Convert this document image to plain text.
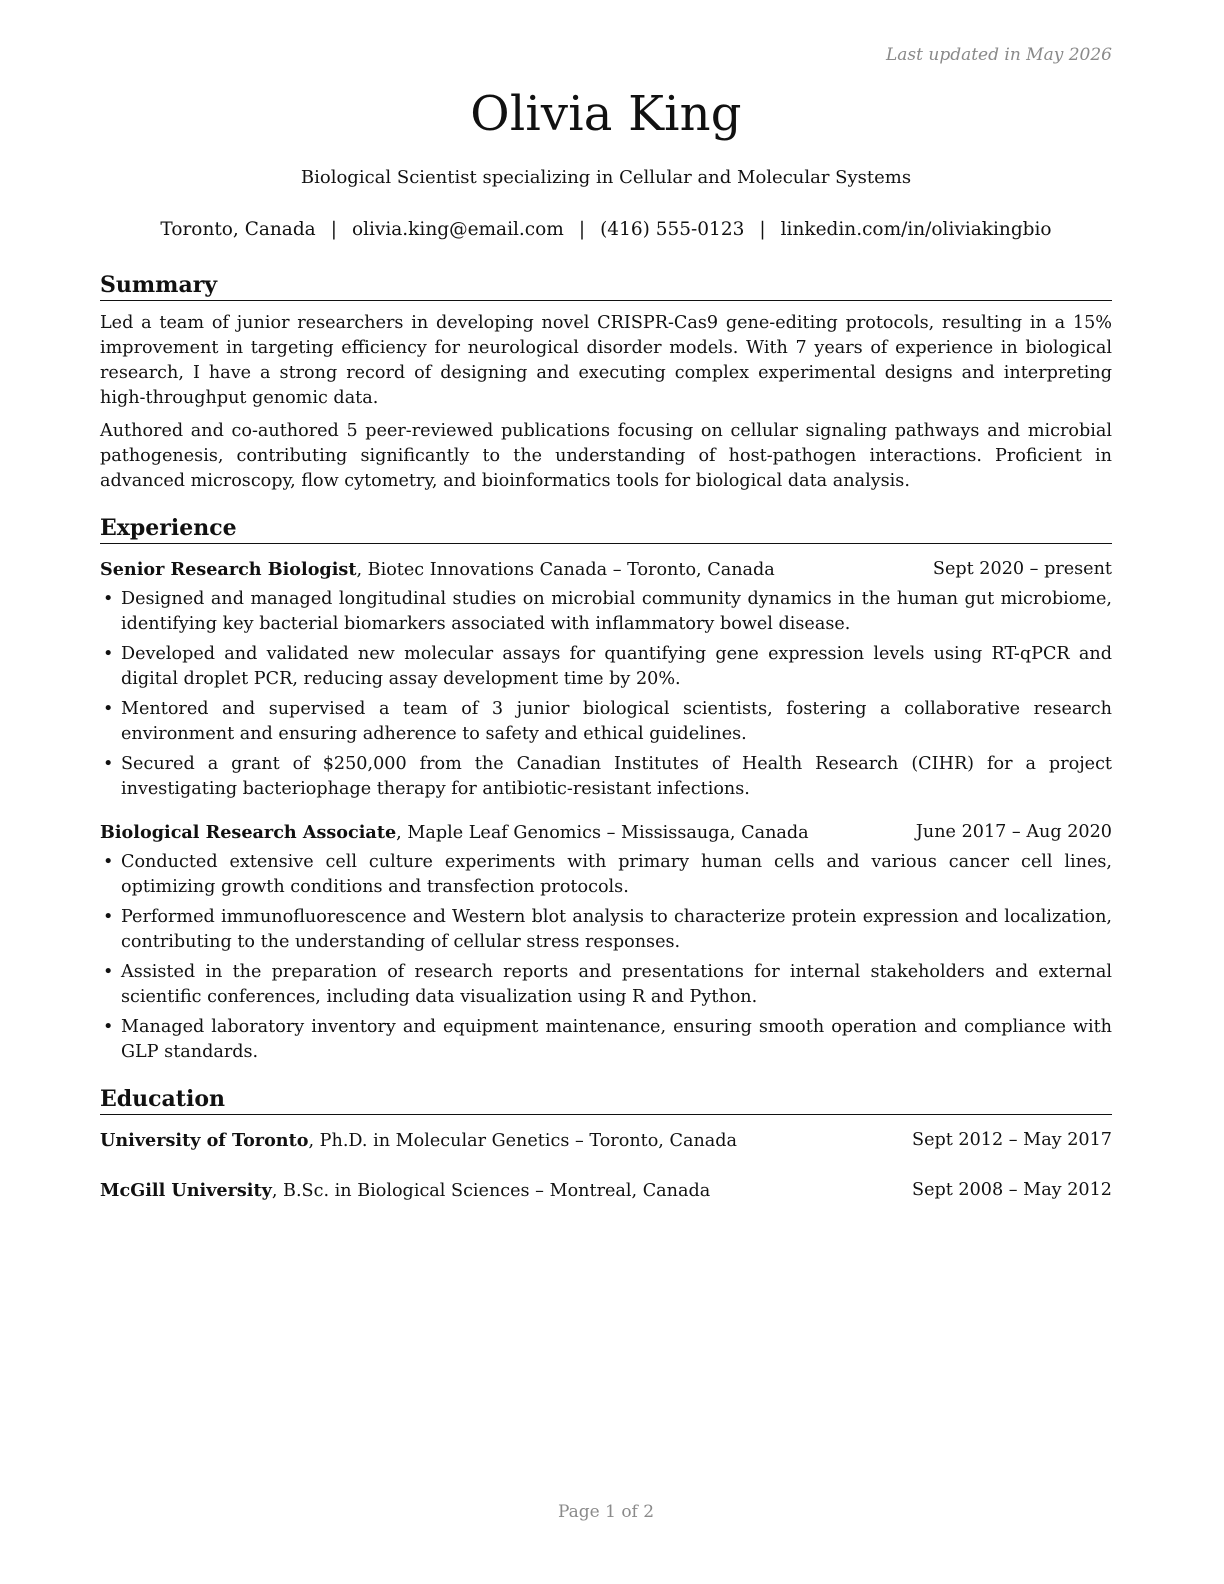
Last updated in May 2026
Olivia King
Biological Scientist specializing in Cellular and Molecular Systems
Toronto, Canada | olivia.king@email.com | (416) 555-0123 | linkedin.com/in/oliviakingbio
Summary

Led a team of junior researchers in developing novel CRISPR-Cas9 gene-editing protocols, resulting in a 15% improvement in targeting efficiency for neurological disorder models. With 7 years of experience in biological research, I have a strong record of designing and executing complex experimental designs and interpreting high-throughput genomic data.

Authored and co-authored 5 peer-reviewed publications focusing on cellular signaling pathways and microbial pathogenesis, contributing significantly to the understanding of host-pathogen interactions. Proficient in advanced microscopy, flow cytometry, and bioinformatics tools for biological data analysis.

Experience
Senior Research Biologist, Biotec Innovations Canada – Toronto, Canada	Sept 2020 – present
• Designed and managed longitudinal studies on microbial community dynamics in the human gut microbiome, identifying key bacterial biomarkers associated with inflammatory bowel disease.
• Developed and validated new molecular assays for quantifying gene expression levels using RT-qPCR and digital droplet PCR, reducing assay development time by 20%.
• Mentored and supervised a team of 3 junior biological scientists, fostering a collaborative research environment and ensuring adherence to safety and ethical guidelines.
• Secured a grant of $250,000 from the Canadian Institutes of Health Research (CIHR) for a project investigating bacteriophage therapy for antibiotic-resistant infections.
Biological Research Associate, Maple Leaf Genomics – Mississauga, Canada	June 2017 – Aug 2020
• Conducted extensive cell culture experiments with primary human cells and various cancer cell lines, optimizing growth conditions and transfection protocols.
• Performed immunofluorescence and Western blot analysis to characterize protein expression and localization, contributing to the understanding of cellular stress responses.
• Assisted in the preparation of research reports and presentations for internal stakeholders and external scientific conferences, including data visualization using R and Python.
• Managed laboratory inventory and equipment maintenance, ensuring smooth operation and compliance with GLP standards.
Education
University of Toronto, Ph.D. in Molecular Genetics – Toronto, Canada	Sept 2012 – May 2017
McGill University, B.Sc. in Biological Sciences – Montreal, Canada	Sept 2008 – May 2012
Page 1 of 2
